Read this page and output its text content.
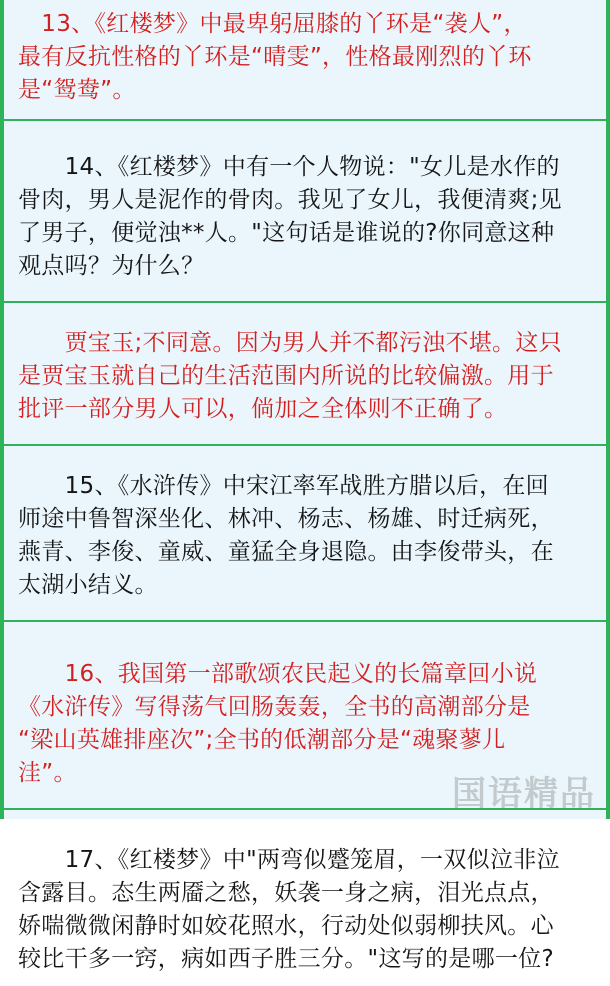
　13、《红楼梦》中最卑躬屈膝的丫环是“袭人”，
最有反抗性格的丫环是“晴雯”，性格最刚烈的丫环
是“鸳鸯”。
　　14、《红楼梦》中有一个人物说："女儿是水作的
骨肉，男人是泥作的骨肉。我见了女儿，我便清爽;见
了男子，便觉浊**人。"这句话是谁说的?你同意这种
观点吗？为什么？
　　贾宝玉;不同意。因为男人并不都污浊不堪。这只
是贾宝玉就自己的生活范围内所说的比较偏激。用于
批评一部分男人可以，倘加之全体则不正确了。
　　15、《水浒传》中宋江率军战胜方腊以后，在回
师途中鲁智深坐化、林冲、杨志、杨雄、时迁病死，
燕青、李俊、童威、童猛全身退隐。由李俊带头，在
太湖小结义。
　　16、我国第一部歌颂农民起义的长篇章回小说
《水浒传》写得荡气回肠轰轰，全书的高潮部分是
“梁山英雄排座次”;全书的低潮部分是“魂聚蓼儿
洼”。
　　17、《红楼梦》中"两弯似蹙笼眉，一双似泣非泣
含露目。态生两靥之愁，妖袭一身之病，泪光点点，
娇喘微微闲静时如姣花照水，行动处似弱柳扶风。心
较比干多一窍，病如西子胜三分。"这写的是哪一位?
国语精品
